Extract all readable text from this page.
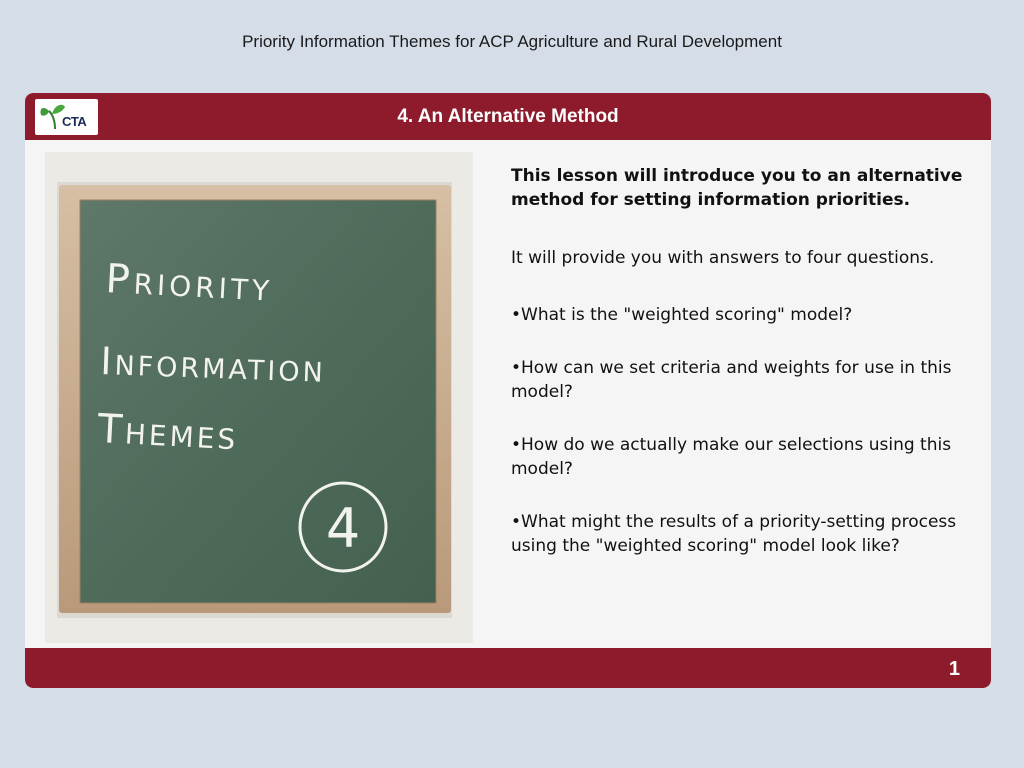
Priority Information Themes for ACP Agriculture and Rural Development
CTA	4. An Alternative Method
Priority
Information
Themes
4

This lesson will introduce you to an alternative method for setting information priorities.

It will provide you with answers to four questions.

•What is the "weighted scoring" model?

•How can we set criteria and weights for use in this model?

•How do we actually make our selections using this model?

•What might the results of a priority-setting process using the "weighted scoring" model look like?

1
